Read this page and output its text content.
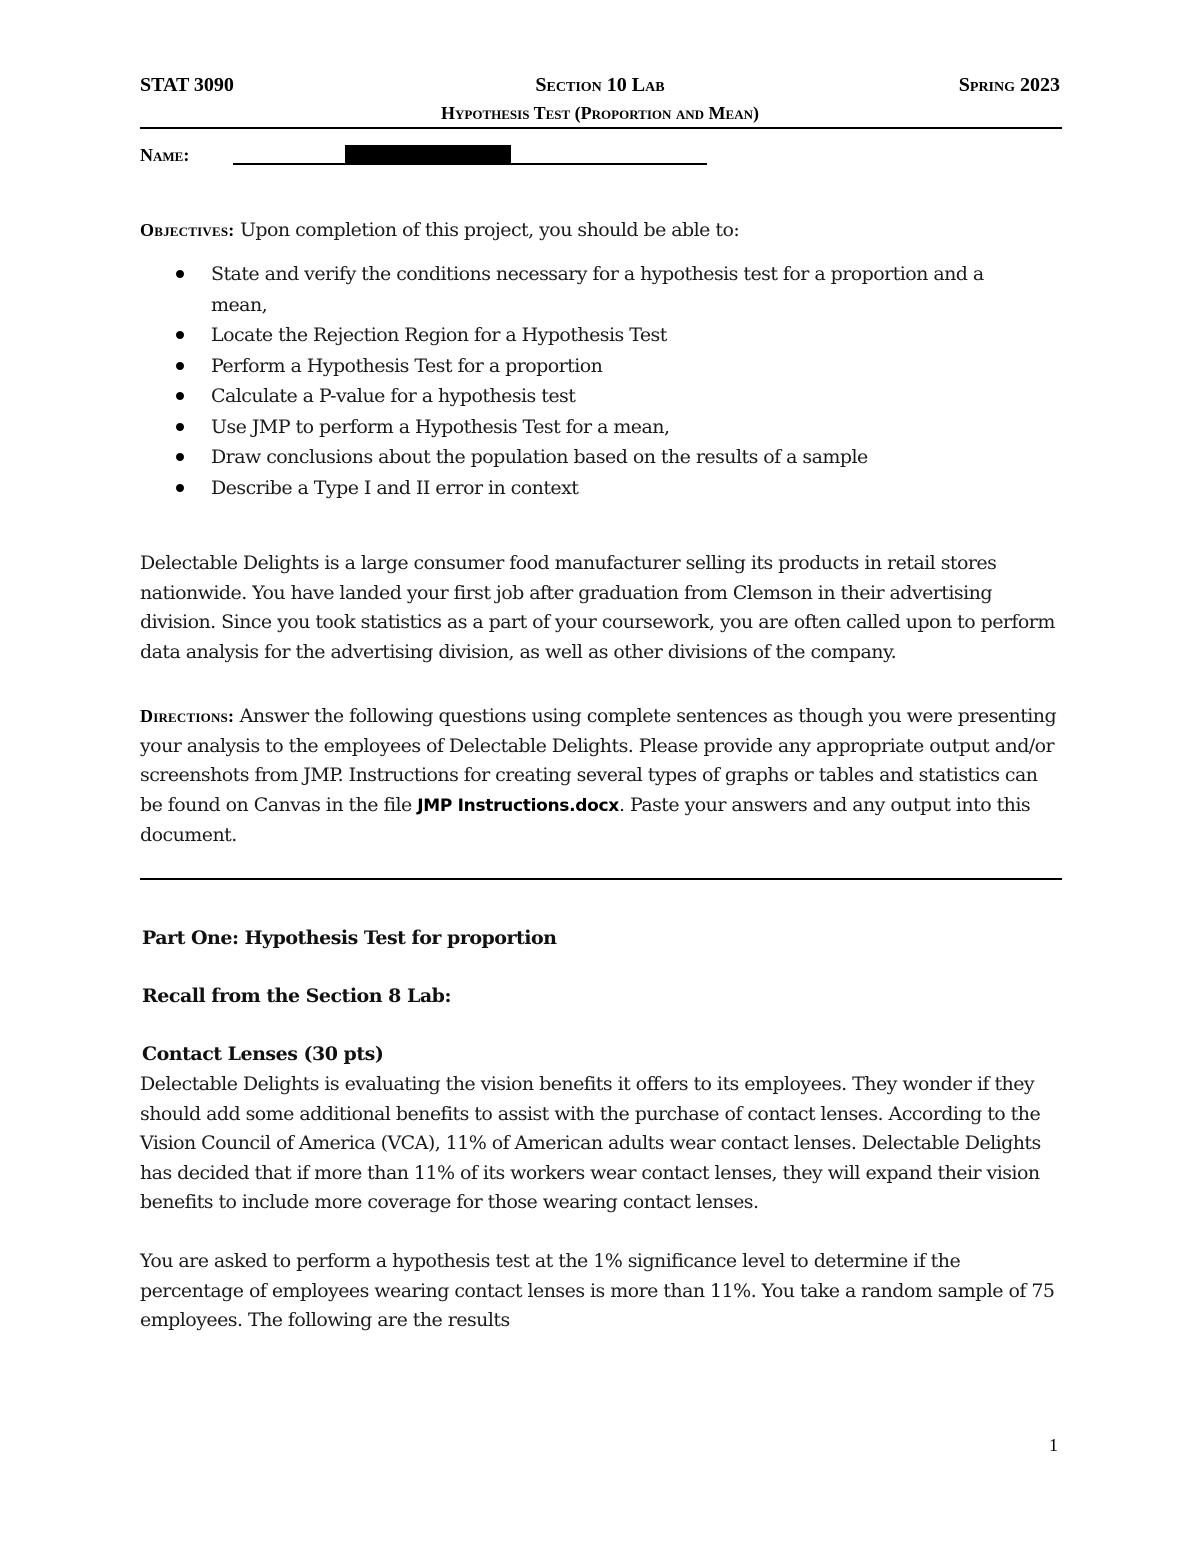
STAT 3090	Section 10 Lab	Spring 2023
Hypothesis Test (Proportion and Mean)
Name:
Objectives: Upon completion of this project, you should be able to:
State and verify the conditions necessary for a hypothesis test for a proportion and a mean,
Locate the Rejection Region for a Hypothesis Test
Perform a Hypothesis Test for a proportion
Calculate a P-value for a hypothesis test
Use JMP to perform a Hypothesis Test for a mean,
Draw conclusions about the population based on the results of a sample
Describe a Type I and II error in context
Delectable Delights is a large consumer food manufacturer selling its products in retail stores nationwide. You have landed your first job after graduation from Clemson in their advertising division. Since you took statistics as a part of your coursework, you are often called upon to perform data analysis for the advertising division, as well as other divisions of the company.
Directions: Answer the following questions using complete sentences as though you were presenting your analysis to the employees of Delectable Delights. Please provide any appropriate output and/or screenshots from JMP. Instructions for creating several types of graphs or tables and statistics can be found on Canvas in the file JMP Instructions.docx. Paste your answers and any output into this document.
Part One: Hypothesis Test for proportion
Recall from the Section 8 Lab:
Contact Lenses (30 pts)
Delectable Delights is evaluating the vision benefits it offers to its employees. They wonder if they should add some additional benefits to assist with the purchase of contact lenses. According to the Vision Council of America (VCA), 11% of American adults wear contact lenses. Delectable Delights has decided that if more than 11% of its workers wear contact lenses, they will expand their vision benefits to include more coverage for those wearing contact lenses.
You are asked to perform a hypothesis test at the 1% significance level to determine if the percentage of employees wearing contact lenses is more than 11%. You take a random sample of 75 employees. The following are the results
1
